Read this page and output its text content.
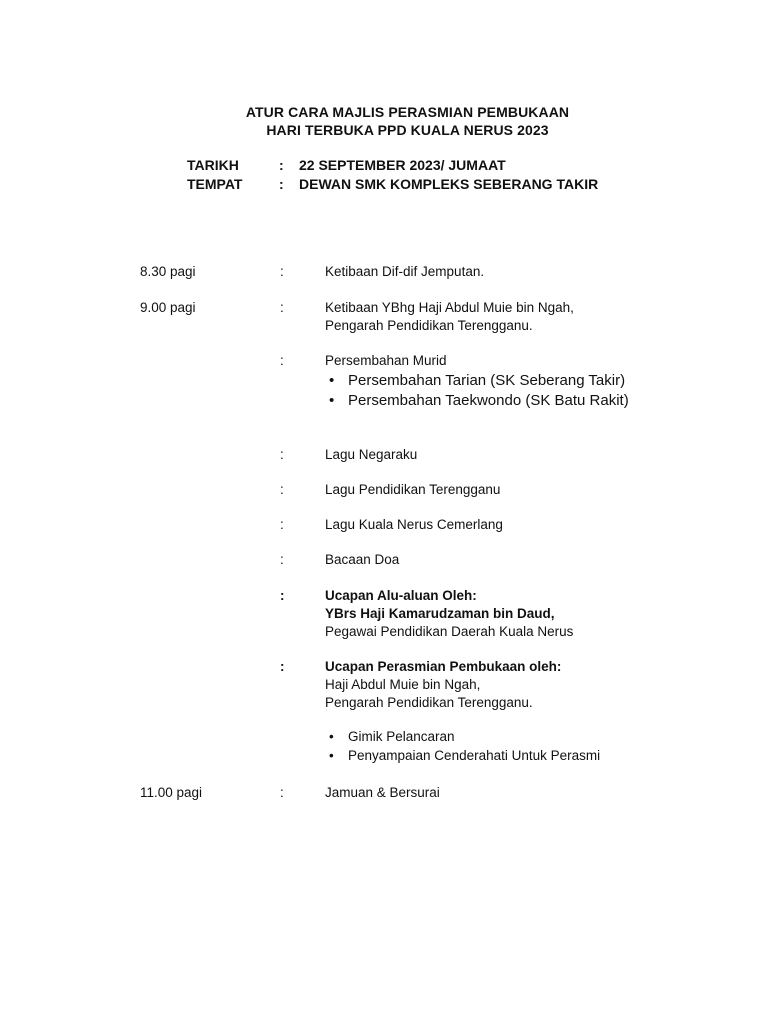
ATUR CARA MAJLIS PERASMIAN PEMBUKAAN
HARI TERBUKA PPD KUALA NERUS 2023
TARIKH	: 22 SEPTEMBER 2023/ JUMAAT
TEMPAT	: DEWAN SMK KOMPLEKS SEBERANG TAKIR
8.30 pagi	:	Ketibaan Dif-dif Jemputan.
9.00 pagi	:	Ketibaan YBhg Haji Abdul Muie bin Ngah,
Pengarah Pendidikan Terengganu.
:	Persembahan Murid
• Persembahan Tarian (SK Seberang Takir)
• Persembahan Taekwondo (SK Batu Rakit)
:	Lagu Negaraku
:	Lagu Pendidikan Terengganu
:	Lagu Kuala Nerus Cemerlang
:	Bacaan Doa
:	Ucapan Alu-aluan Oleh:
YBrs Haji Kamarudzaman bin Daud,
Pegawai Pendidikan Daerah Kuala Nerus
:	Ucapan Perasmian Pembukaan oleh:
Haji Abdul Muie bin Ngah,
Pengarah Pendidikan Terengganu.
• Gimik Pelancaran
• Penyampaian Cenderahati Untuk Perasmi
11.00 pagi	:	Jamuan & Bersurai
